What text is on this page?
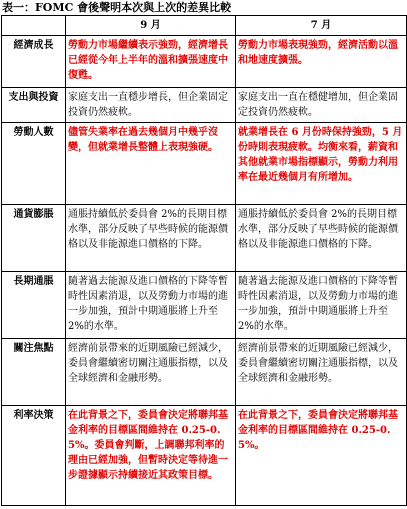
表一：FOMC 會後聲明本次與上次的差異比較
	9 月	7 月
經濟成長	勞動力市場繼續表示強勁，經濟增長已經從今年上半年的溫和擴張速度中復甦。	勞動力市場表現強勁，經濟活動以溫和地速度擴張。
支出與投資	家庭支出一直穩步增長，但企業固定投資仍然疲軟。	家庭支出一直在穩健增加，但企業固定投資仍然疲軟。
勞動人數	儘管失業率在過去幾個月中幾乎沒變，但就業增長整體上表現強硬。	就業增長在 6 月份時保持強勁，5 月份時則表現疲軟。均衡來看，薪資和其他就業市場指標顯示，勞動力利用率在最近幾個月有所增加。
通貨膨脹	通脹持續低於委員會 2%的長期目標水準，部分反映了早些時候的能源價格以及非能源進口價格的下降。	通脹持續低於委員會 2%的長期目標水準，部分反映了早些時候的能源價格以及非能源進口價格的下降。
長期通脹	隨著過去能源及進口價格的下降等暫時性因素消退，以及勞動力市場的進一步加強，預計中期通脹將上升至 2%的水準。	隨著過去能源及進口價格的下降等暫時性因素消退，以及勞動力市場的進一步加強，預計中期通脹將上升至 2%的水準。
關注焦點	經濟前景帶來的近期風險已經減少，委員會繼續密切關注通脹指標，以及全球經濟和金融形勢。	經濟前景帶來的近期風險已經減少，委員會繼續密切關注通脹指標，以及全球經濟和金融形勢。
利率決策	在此背景之下，委員會決定將聯邦基金利率的目標區間維持在 0.25-0.5%。委員會判斷，上調聯邦利率的理由已經加強，但暫時決定等待進一步證據顯示持續接近其政策目標。	在此背景之下，委員會決定將聯邦基金利率的目標區間維持在 0.25-0.5%。
